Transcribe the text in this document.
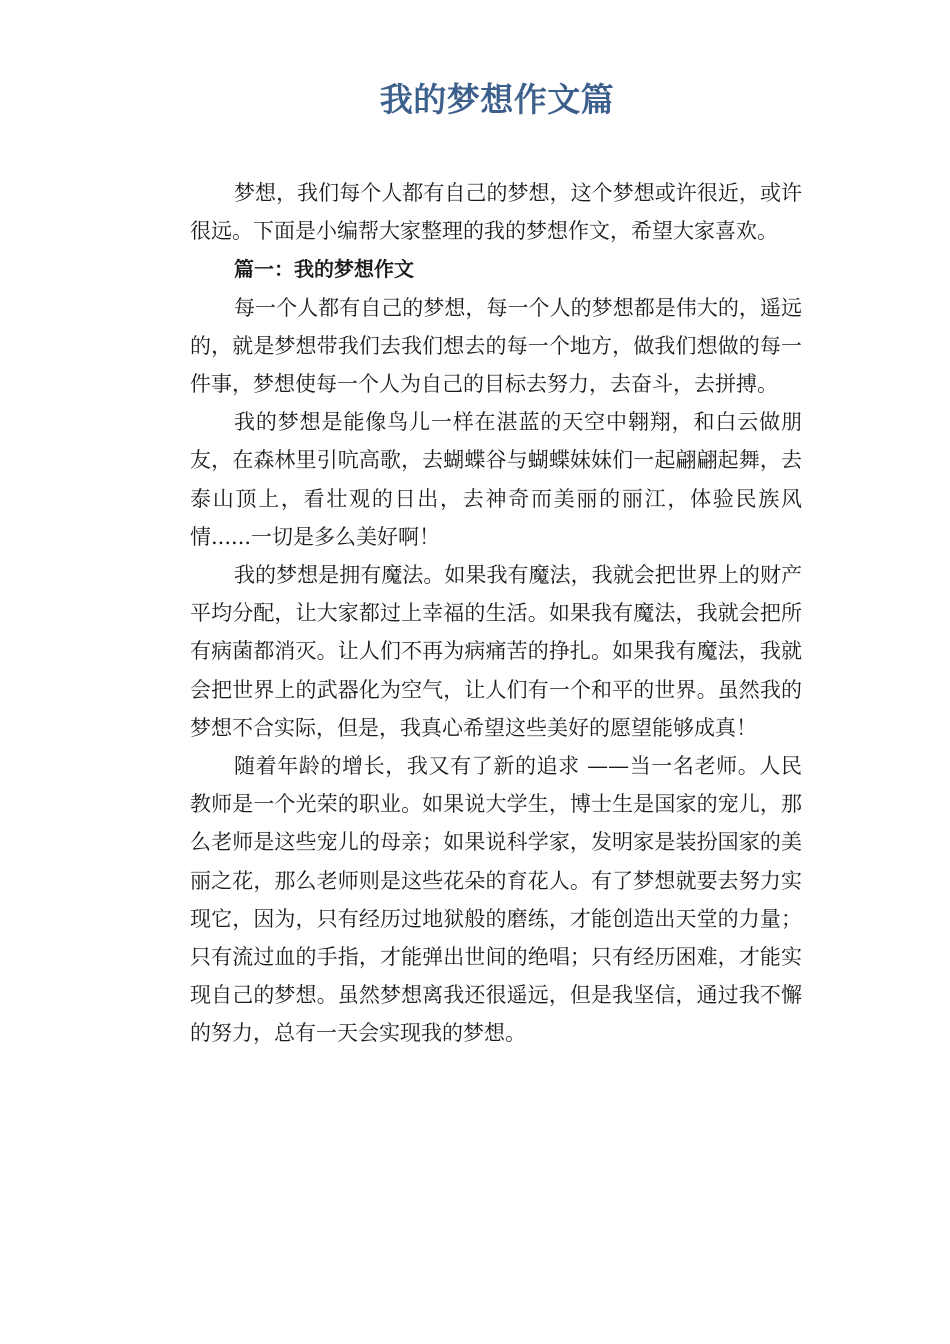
我的梦想作文篇

梦想，我们每个人都有自己的梦想，这个梦想或许很近，或许很远。下面是小编帮大家整理的我的梦想作文，希望大家喜欢。

篇一：我的梦想作文

每一个人都有自己的梦想，每一个人的梦想都是伟大的，遥远的，就是梦想带我们去我们想去的每一个地方，做我们想做的每一件事，梦想使每一个人为自己的目标去努力，去奋斗，去拼搏。

我的梦想是能像鸟儿一样在湛蓝的天空中翱翔，和白云做朋友，在森林里引吭高歌，去蝴蝶谷与蝴蝶妹妹们一起翩翩起舞，去泰山顶上，看壮观的日出，去神奇而美丽的丽江，体验民族风情......一切是多么美好啊！

我的梦想是拥有魔法。如果我有魔法，我就会把世界上的财产平均分配，让大家都过上幸福的生活。如果我有魔法，我就会把所有病菌都消灭。让人们不再为病痛苦的挣扎。如果我有魔法，我就会把世界上的武器化为空气，让人们有一个和平的世界。虽然我的梦想不合实际，但是，我真心希望这些美好的愿望能够成真！

随着年龄的增长，我又有了新的追求 ——当一名老师。人民教师是一个光荣的职业。如果说大学生，博士生是国家的宠儿，那么老师是这些宠儿的母亲；如果说科学家，发明家是装扮国家的美丽之花，那么老师则是这些花朵的育花人。有了梦想就要去努力实现它，因为，只有经历过地狱般的磨练，才能创造出天堂的力量；只有流过血的手指，才能弹出世间的绝唱；只有经历困难，才能实现自己的梦想。虽然梦想离我还很遥远，但是我坚信，通过我不懈的努力，总有一天会实现我的梦想。
